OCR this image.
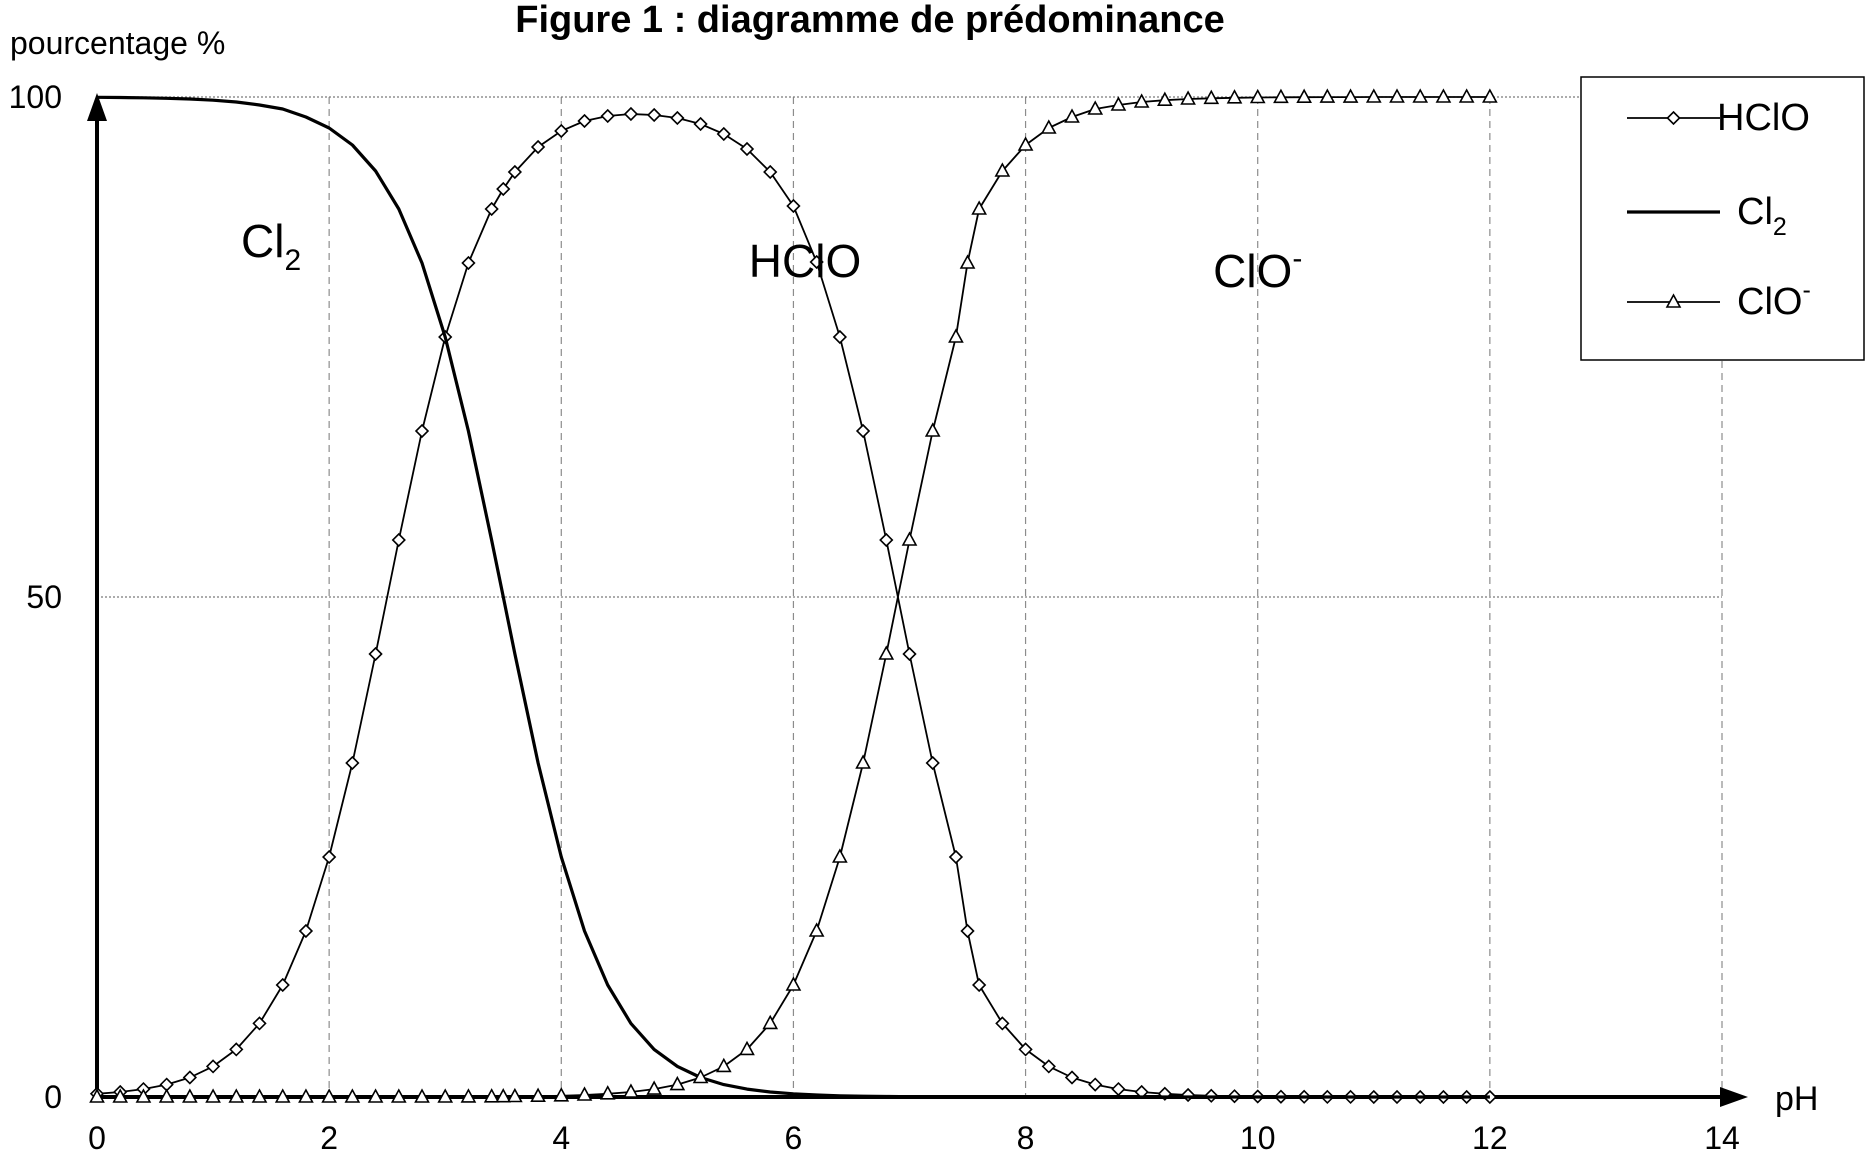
Figure 1 : diagramme de prédominance
pourcentage %
pH
0	2	4	6	8	10	12	14
0
50
100
$Cl_2$	HClO	ClO-
HClO
$Cl_2$
ClO-
